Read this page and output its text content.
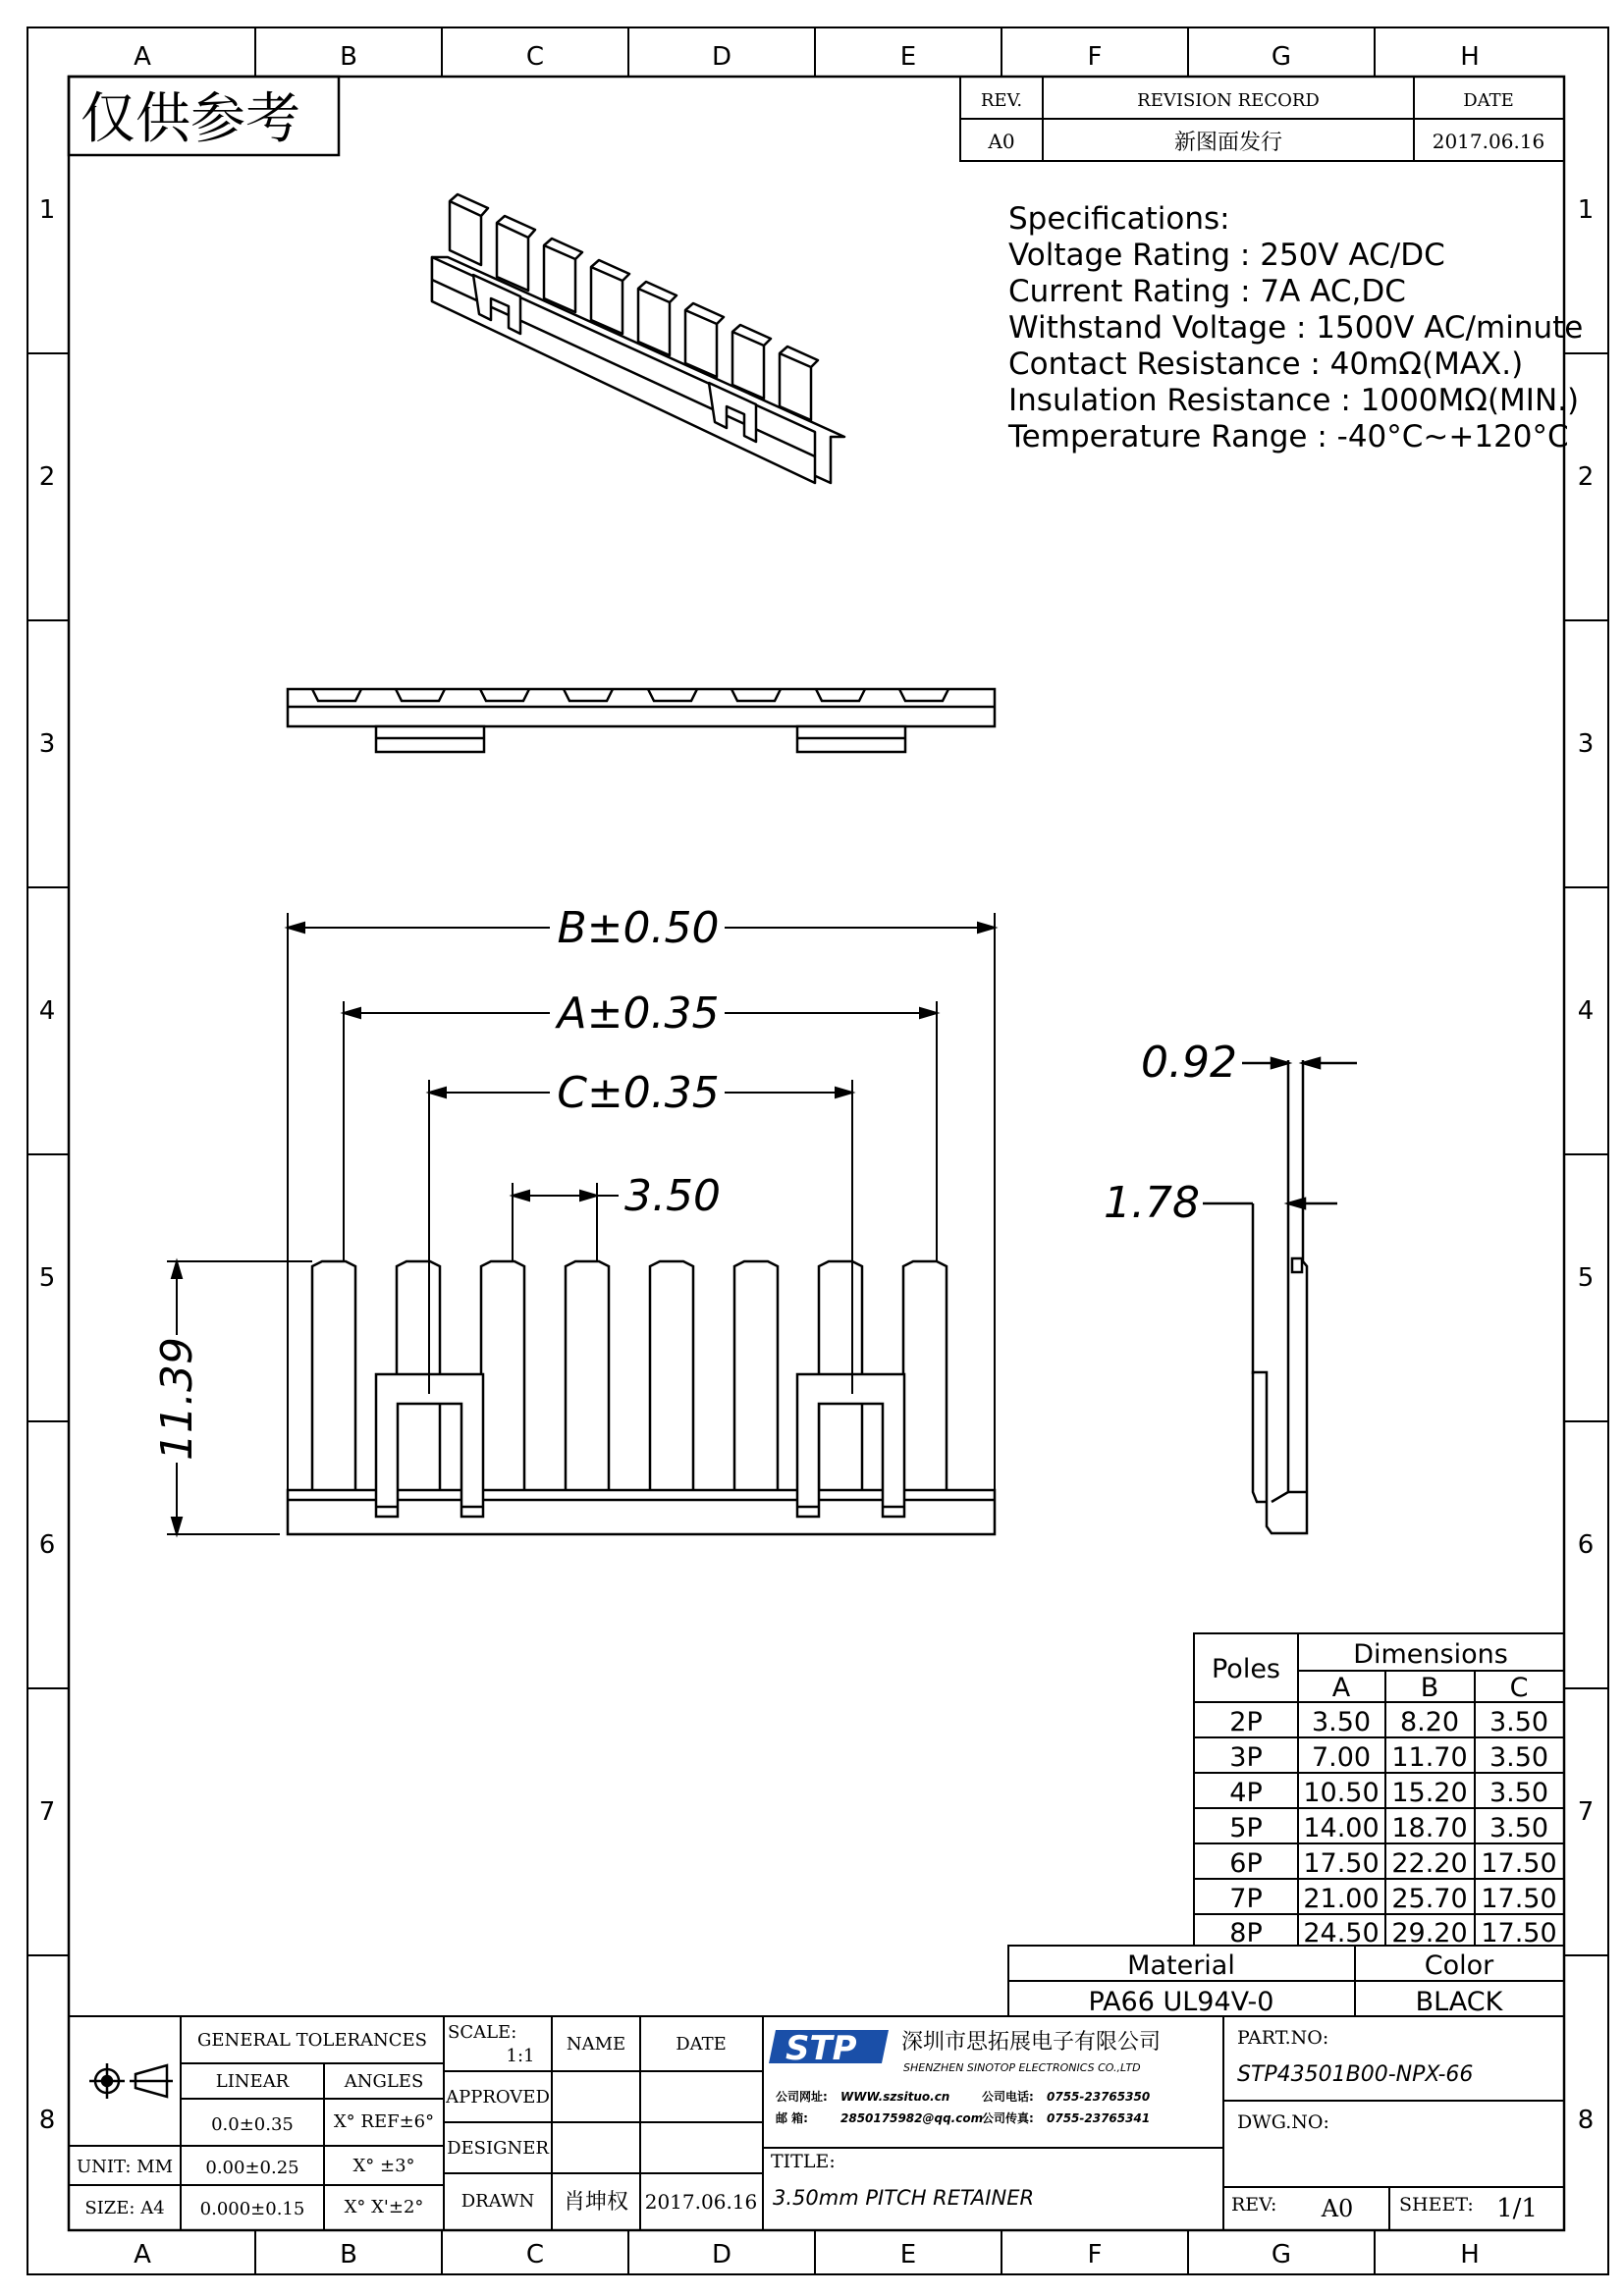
A	B	C	D	E	F	G	H
A	B	C	D	E	F	G	H
1
2
3
4
5
6
7
8
1
2
3
4
5
6
7
8
仅供参考	REV.	REVISION RECORD	DATE
A0	新图面发行	2017.06.16
Specifications:
Voltage Rating : 250V AC/DC
Current Rating : 7A AC,DC
Withstand Voltage : 1500V AC/minute
Contact Resistance : 40mΩ(MAX.)
Insulation Resistance : 1000MΩ(MIN.)
Temperature Range : -40°C~+120°C
B±0.50
A±0.35
C±0.35
3.50
11.39
0.92
1.78
Poles	Dimensions
A	B	C
2P 3.50 8.20 3.50
3P 7.00 11.70 3.50
4P 10.50 15.20 3.50
5P 14.00 18.70 3.50
6P 17.50 22.20 17.50
7P 21.00 25.70 17.50
8P 24.50 29.20 17.50
Material	Color
PA66 UL94V-0	BLACK
GENERAL TOLERANCES
LINEAR	ANGLES
0.0±0.35 X° REF±6°
0.00±0.25	X° ±3°
0.000±0.15 X° X'±2°
UNIT: MM
SIZE: A4
SCALE:
1:1
NAME	DATE
APPROVED
DESIGNER
DRAWN 肖坤权 2017.06.16
STP 深圳市思拓展电子有限公司
SHENZHEN SINOTOP ELECTRONICS CO.,LTD
公司网址: WWW.szsituo.cn	公司电话: 0755-23765350
邮 箱:	2850175982@qq.com
公司传真: 0755-23765341
TITLE:
3.50mm PITCH RETAINER
PART.NO:
STP43501B00-NPX-66
DWG.NO:
REV: A0 SHEET: 1/1
